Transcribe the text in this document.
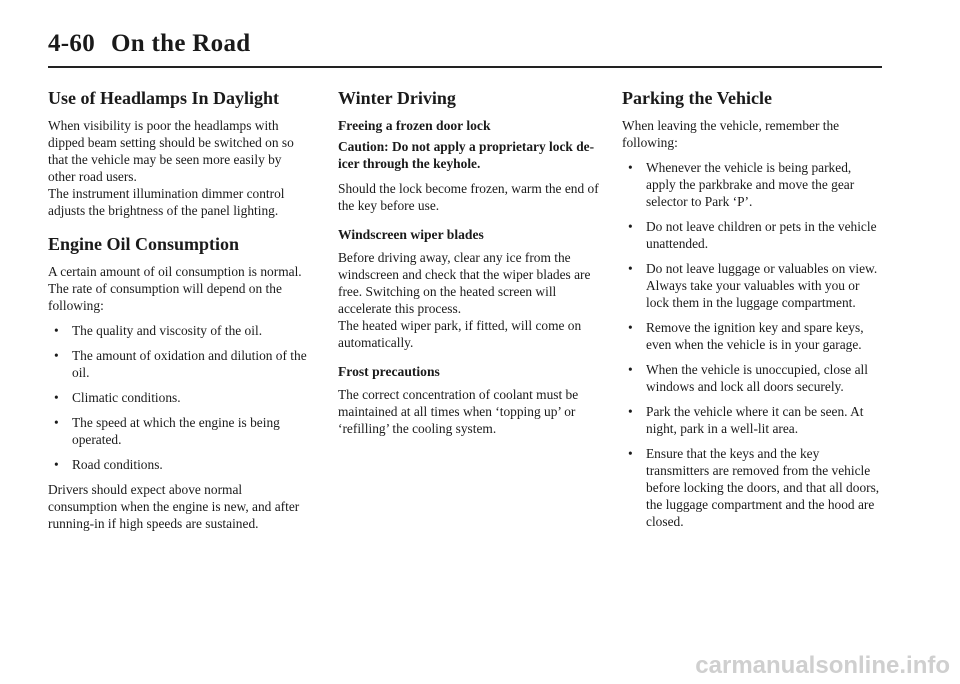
4-60 On the Road
Use of Headlamps In Daylight

When visibility is poor the headlamps with dipped beam setting should be switched on so that the vehicle may be seen more easily by other road users.

The instrument illumination dimmer control adjusts the brightness of the panel lighting.

Engine Oil Consumption

A certain amount of oil consumption is normal. The rate of consumption will depend on the following:

• The quality and viscosity of the oil.
• The amount of oxidation and dilution of the oil.
• Climatic conditions.
• The speed at which the engine is being operated.
• Road conditions.

Drivers should expect above normal consumption when the engine is new, and after running-in if high speeds are sustained.

Winter Driving
Freeing a frozen door lock

Caution: Do not apply a proprietary lock de-icer through the keyhole.

Should the lock become frozen, warm the end of the key before use.

Windscreen wiper blades

Before driving away, clear any ice from the windscreen and check that the wiper blades are free. Switching on the heated screen will accelerate this process.

The heated wiper park, if fitted, will come on automatically.

Frost precautions

The correct concentration of coolant must be maintained at all times when ‘topping up’ or ‘refilling’ the cooling system.

Parking the Vehicle

When leaving the vehicle, remember the following:

• Whenever the vehicle is being parked, apply the parkbrake and move the gear selector to Park ‘P’.
• Do not leave children or pets in the vehicle unattended.
• Do not leave luggage or valuables on view. Always take your valuables with you or lock them in the luggage compartment.
• Remove the ignition key and spare keys, even when the vehicle is in your garage.
• When the vehicle is unoccupied, close all windows and lock all doors securely.
• Park the vehicle where it can be seen. At night, park in a well-lit area.
• Ensure that the keys and the key transmitters are removed from the vehicle before locking the doors, and that all doors, the luggage compartment and the hood are closed.
carmanualsonline.info
